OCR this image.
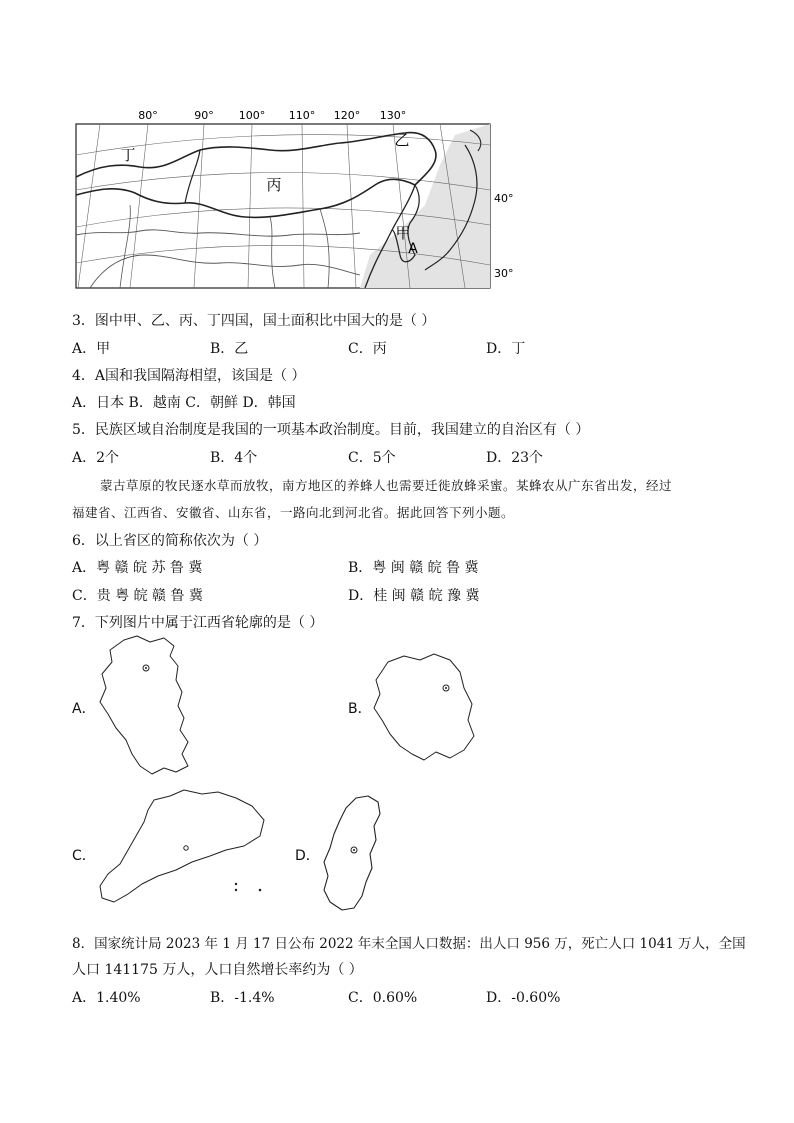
80°	90° 100° 110° 120° 130°
丁
乙
丙
甲
A
40°
30°
3．图中甲、乙、丙、丁四国，国土面积比中国大的是（ ）
A．甲	B．乙	C．丙	D．丁
4．A国和我国隔海相望，该国是（ ）
A．日本 B．越南 C．朝鲜 D．韩国
5．民族区域自治制度是我国的一项基本政治制度。目前，我国建立的自治区有（ ）
A．2个	B．4个	C．5个	D．23个
蒙古草原的牧民逐水草而放牧，南方地区的养蜂人也需要迁徙放蜂采蜜。某蜂农从广东省出发，经过
福建省、江西省、安徽省、山东省，一路向北到河北省。据此回答下列小题。
6．以上省区的简称依次为（ ）
A．粤 赣 皖 苏 鲁 冀	B．粤 闽 赣 皖 鲁 冀
C．贵 粤 皖 赣 鲁 冀	D．桂 闽 赣 皖 豫 冀
7．下列图片中属于江西省轮廓的是（ ）
A．	B．
C．	D．
8．国家统计局 2023 年 1 月 17 日公布 2022 年末全国人口数据：出人口 956 万，死亡人口 1041 万人，全国
人口 141175 万人，人口自然增长率约为（ ）
A．1.40%	B．-1.4%	C．0.60%	D．-0.60%
